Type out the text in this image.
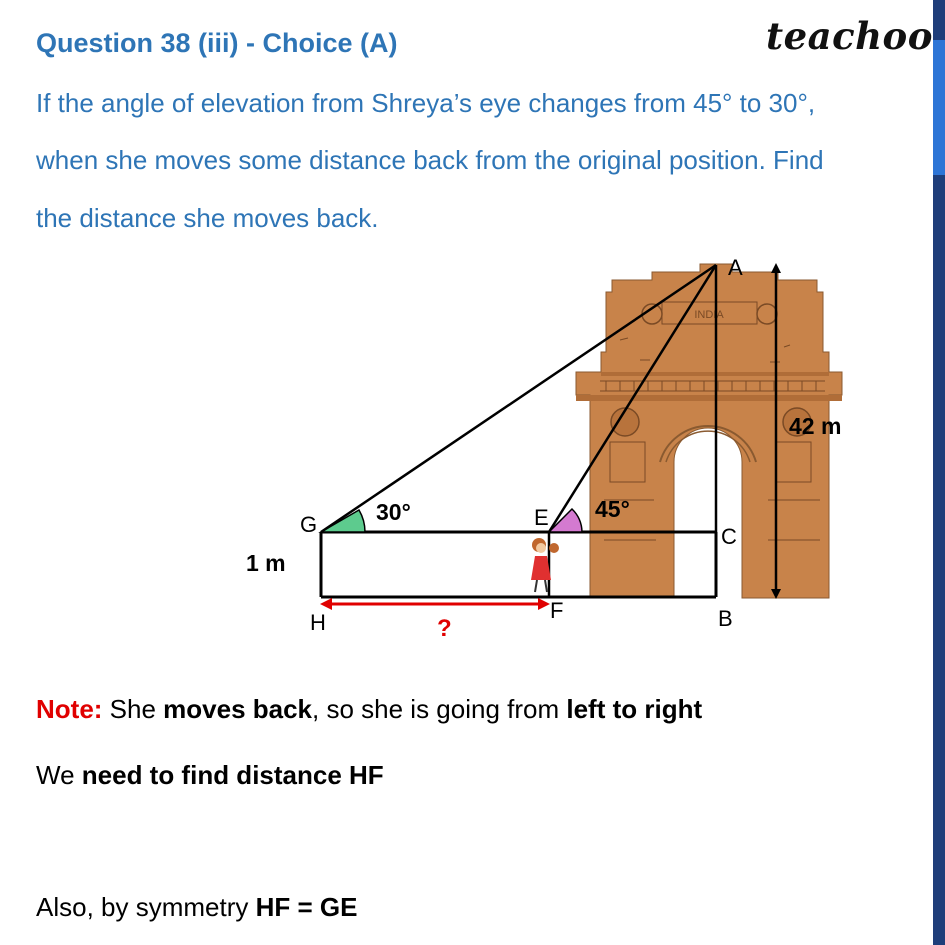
Question 38 (iii) - Choice (A)	teachoo
If the angle of elevation from Shreya’s eye changes from 45° to 30°,
when she moves some distance back from the original position. Find
the distance she moves back.
INDIA
A
B
C
E
F
G
H
30°	45°
42 m
1 m
?
Note: She moves back, so she is going from left to right
We need to find distance HF
Also, by symmetry HF = GE
